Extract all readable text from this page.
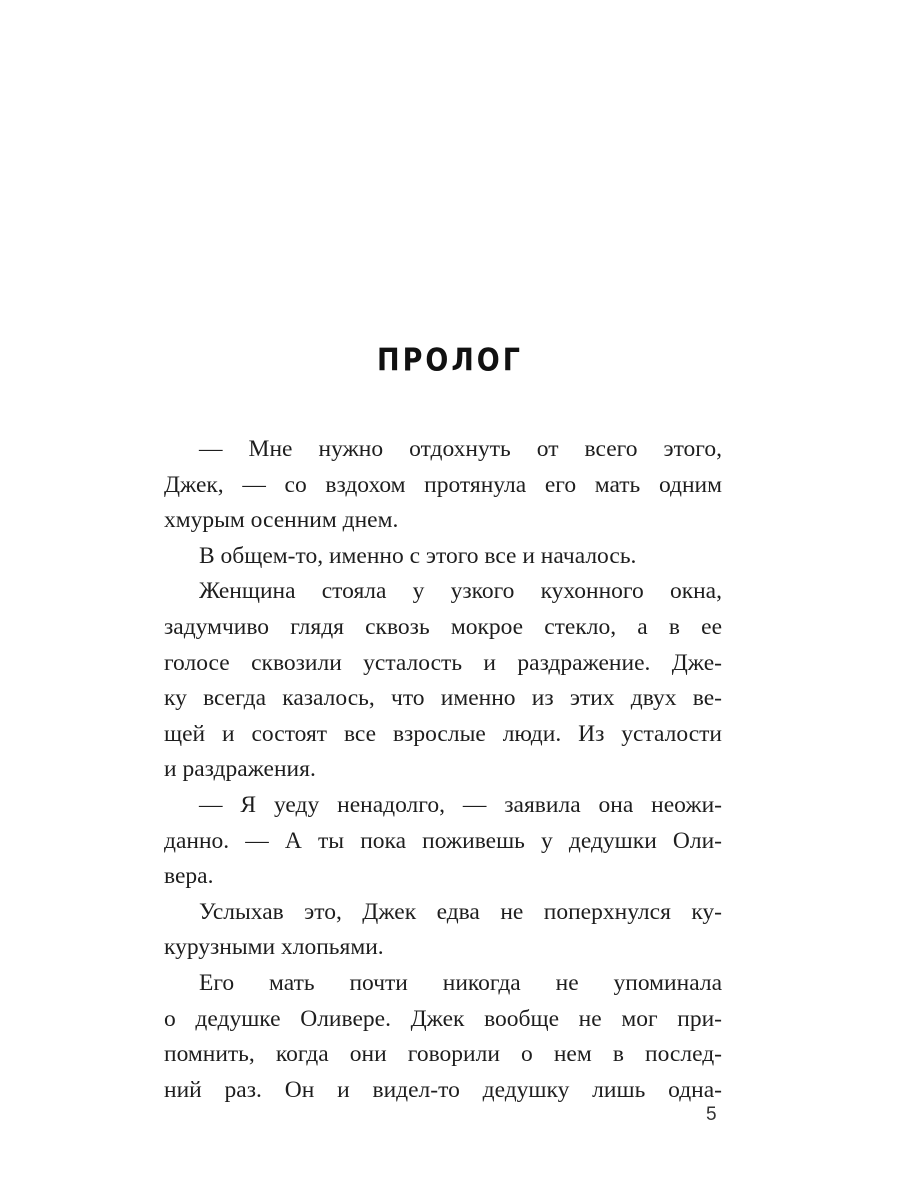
ПРОЛОГ
— Мне нужно отдохнуть от всего этого,
Джек, — со вздохом протянула его мать одним
хмурым осенним днем.
В общем-то, именно с этого все и началось.
Женщина стояла у узкого кухонного окна,
задумчиво глядя сквозь мокрое стекло, а в ее
голосе сквозили усталость и раздражение. Дже-
ку всегда казалось, что именно из этих двух ве-
щей и состоят все взрослые люди. Из усталости
и раздражения.
— Я уеду ненадолго, — заявила она неожи-
данно. — А ты пока поживешь у дедушки Оли-
вера.
Услыхав это, Джек едва не поперхнулся ку-
курузными хлопьями.
Его мать почти никогда не упоминала
о дедушке Оливере. Джек вообще не мог при-
помнить, когда они говорили о нем в послед-
ний раз. Он и видел-то дедушку лишь одна-
5
